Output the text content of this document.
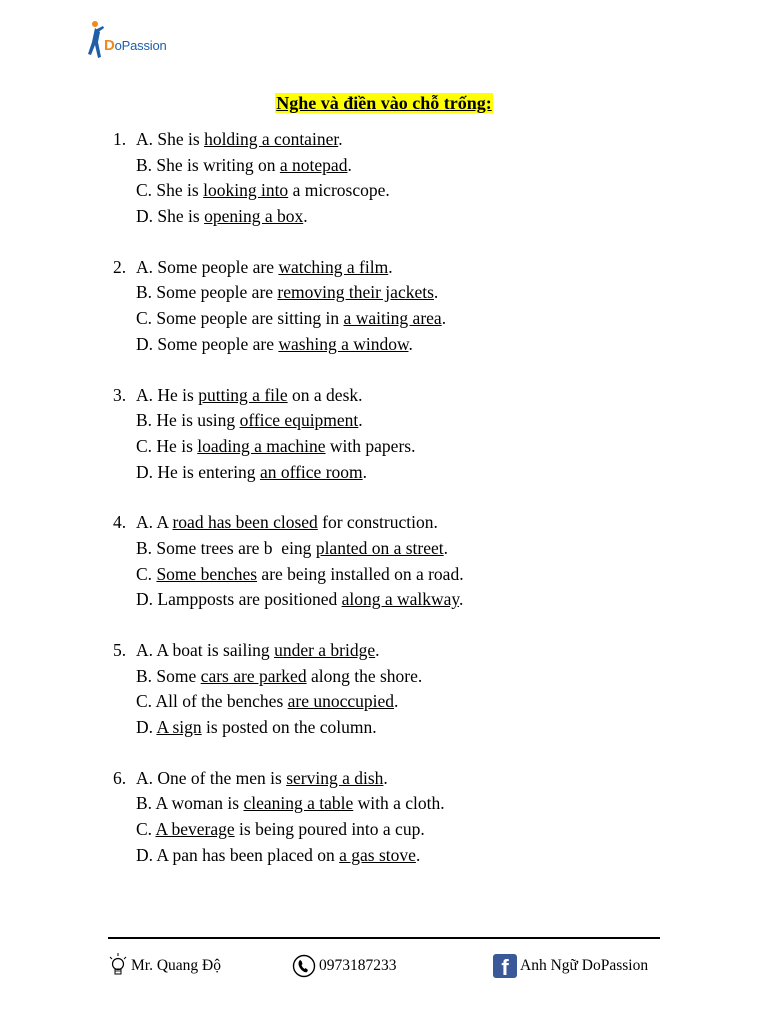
DoPassion
Nghe và điền vào chỗ trống:
1. A. She is holding a container.
B. She is writing on a notepad.
C. She is looking into a microscope.
D. She is opening a box.
2. A. Some people are watching a film.
B. Some people are removing their jackets.
C. Some people are sitting in a waiting area.
D. Some people are washing a window.
3. A. He is putting a file on a desk.
B. He is using office equipment.
C. He is loading a machine with papers.
D. He is entering an office room.
4. A. A road has been closed for construction.
B. Some trees are b  eing planted on a street.
C. Some benches are being installed on a road.
D. Lampposts are positioned along a walkway.
5. A. A boat is sailing under a bridge.
B. Some cars are parked along the shore.
C. All of the benches are unoccupied.
D. A sign is posted on the column.
6. A. One of the men is serving a dish.
B. A woman is cleaning a table with a cloth.
C. A beverage is being poured into a cup.
D. A pan has been placed on a gas stove.
Mr. Quang Độ	0973187233	f Anh Ngữ DoPassion
